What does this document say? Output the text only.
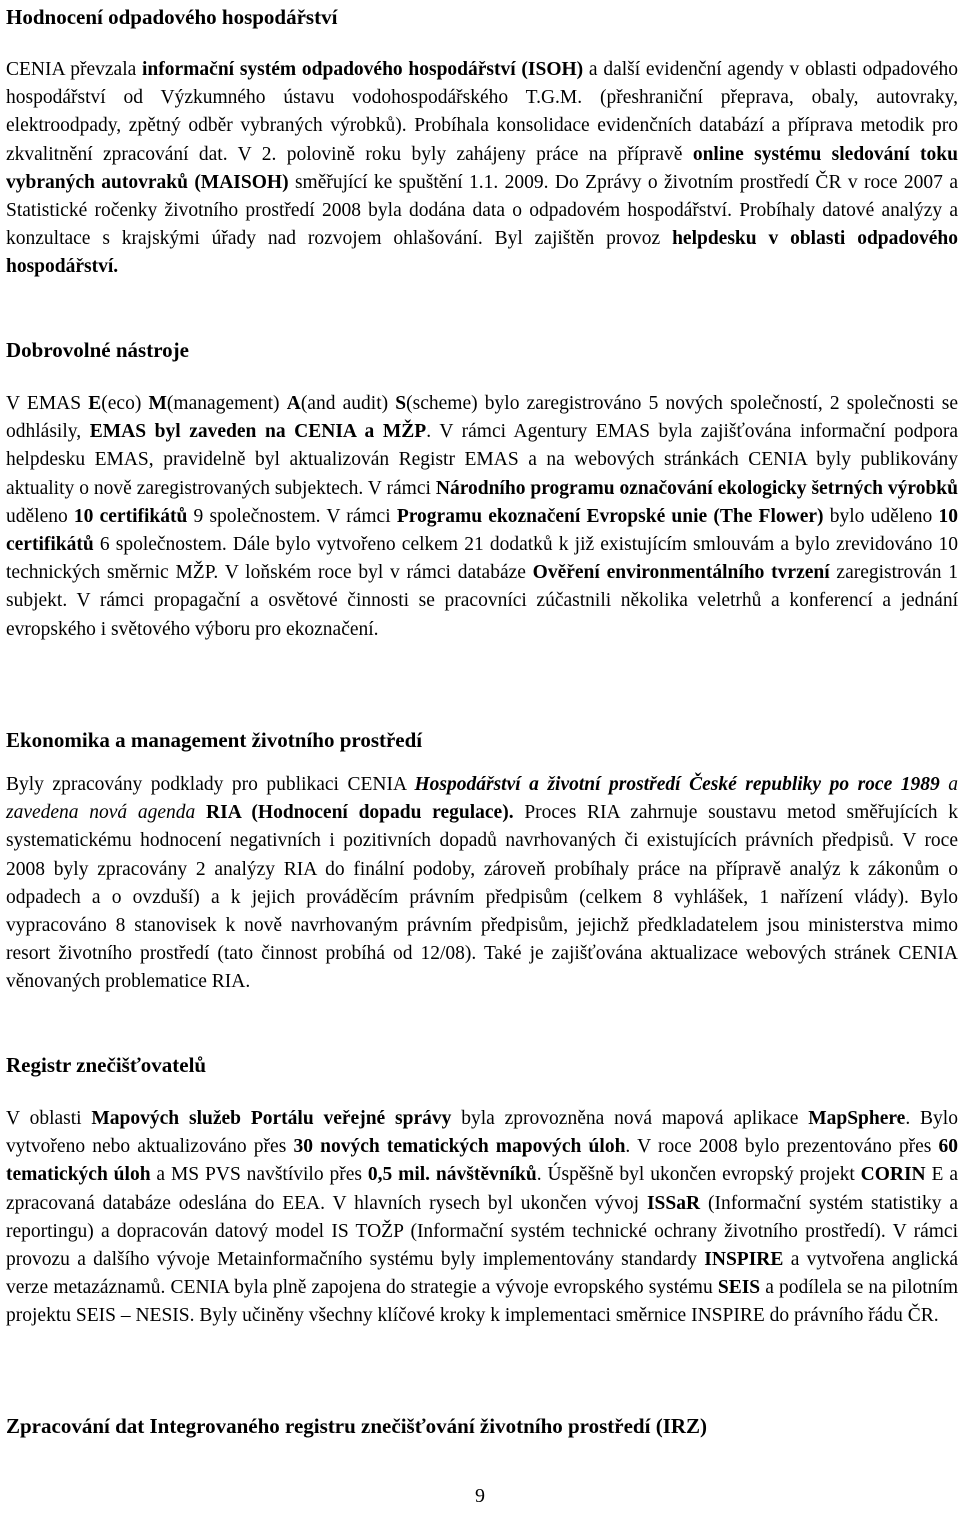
Hodnocení odpadového hospodářství

CENIA převzala informační systém odpadového hospodářství (ISOH) a další evidenční agendy v oblasti odpadového hospodářství od Výzkumného ústavu vodohospodářského T.G.M. (přeshraniční přeprava, obaly, autovraky, elektroodpady, zpětný odběr vybraných výrobků). Probíhala konsolidace evidenčních databází a příprava metodik pro zkvalitnění zpracování dat. V 2. polovině roku byly zahájeny práce na přípravě online systému sledování toku vybraných autovraků (MAISOH) směřující ke spuštění 1.1. 2009. Do Zprávy o životním prostředí ČR v roce 2007 a Statistické ročenky životního prostředí 2008 byla dodána data o odpadovém hospodářství. Probíhaly datové analýzy a konzultace s krajskými úřady nad rozvojem ohlašování. Byl zajištěn provoz helpdesku v oblasti odpadového hospodářství.

Dobrovolné nástroje

V EMAS E(eco) M(management) A(and audit) S(scheme) bylo zaregistrováno 5 nových společností, 2 společnosti se odhlásily, EMAS byl zaveden na CENIA a MŽP. V rámci Agentury EMAS byla zajišťována informační podpora helpdesku EMAS, pravidelně byl aktualizován Registr EMAS a na webových stránkách CENIA byly publikovány aktuality o nově zaregistrovaných subjektech. V rámci Národního programu označování ekologicky šetrných výrobků uděleno 10 certifikátů 9 společnostem. V rámci Programu ekoznačení Evropské unie (The Flower) bylo uděleno 10 certifikátů 6 společnostem. Dále bylo vytvořeno celkem 21 dodatků k již existujícím smlouvám a bylo zrevidováno 10 technických směrnic MŽP. V loňském roce byl v rámci databáze Ověření environmentálního tvrzení zaregistrován 1 subjekt. V rámci propagační a osvětové činnosti se pracovníci zúčastnili několika veletrhů a konferencí a jednání evropského i světového výboru pro ekoznačení.

Ekonomika a management životního prostředí

Byly zpracovány podklady pro publikaci CENIA Hospodářství a životní prostředí České republiky po roce 1989 a zavedena nová agenda RIA (Hodnocení dopadu regulace). Proces RIA zahrnuje soustavu metod směřujících k systematickému hodnocení negativních i pozitivních dopadů navrhovaných či existujících právních předpisů. V roce 2008 byly zpracovány 2 analýzy RIA do finální podoby, zároveň probíhaly práce na přípravě analýz k zákonům o odpadech a o ovzduší) a k jejich prováděcím právním předpisům (celkem 8 vyhlášek, 1 nařízení vlády). Bylo vypracováno 8 stanovisek k nově navrhovaným právním předpisům, jejichž předkladatelem jsou ministerstva mimo resort životního prostředí (tato činnost probíhá od 12/08). Také je zajišťována aktualizace webových stránek CENIA věnovaných problematice RIA.

Registr znečišťovatelů

V oblasti Mapových služeb Portálu veřejné správy byla zprovozněna nová mapová aplikace MapSphere. Bylo vytvořeno nebo aktualizováno přes 30 nových tematických mapových úloh. V roce 2008 bylo prezentováno přes 60 tematických úloh a MS PVS navštívilo přes 0,5 mil. návštěvníků. Úspěšně byl ukončen evropský projekt CORIN E a zpracovaná databáze odeslána do EEA. V hlavních rysech byl ukončen vývoj ISSaR (Informační systém statistiky a reportingu) a dopracován datový model IS TOŽP (Informační systém technické ochrany životního prostředí). V rámci provozu a dalšího vývoje Metainformačního systému byly implementovány standardy INSPIRE a vytvořena anglická verze metazáznamů. CENIA byla plně zapojena do strategie a vývoje evropského systému SEIS a podílela se na pilotním projektu SEIS – NESIS. Byly učiněny všechny klíčové kroky k implementaci směrnice INSPIRE do právního řádu ČR.

Zpracování dat Integrovaného registru znečišťování životního prostředí (IRZ)
9
